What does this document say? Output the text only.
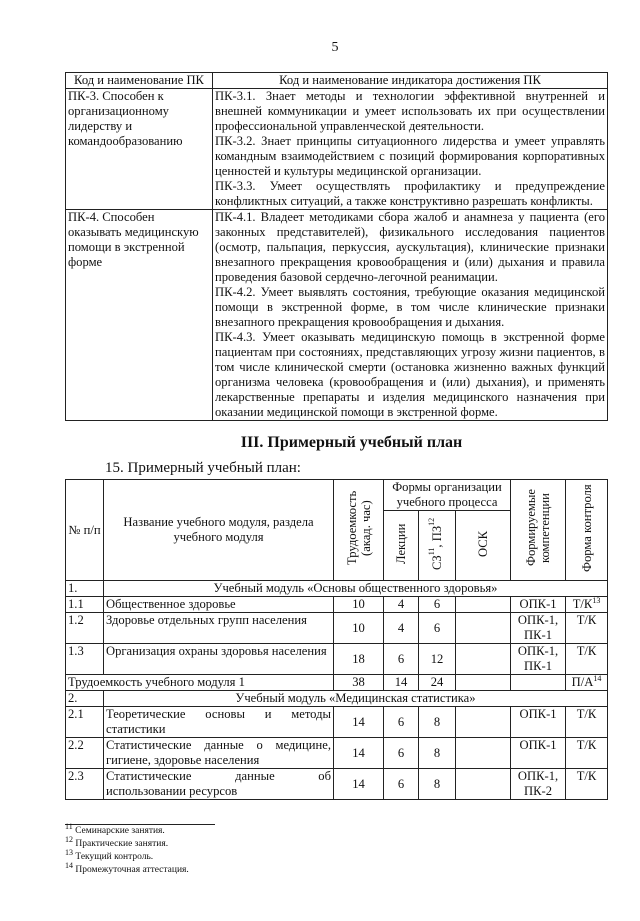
5
Код и наименование ПК	Код и наименование индикатора достижения ПК
ПК-3. Способен к организационному лидерству и командообразованию	ПК-3.1. Знает методы и технологии эффективной внутренней и внешней коммуникации и умеет использовать их при осуществлении профессиональной управленческой деятельности.

ПК-3.2. Знает принципы ситуационного лидерства и умеет управлять командным взаимодействием с позиций формирования корпоративных ценностей и культуры медицинской организации.

ПК-3.3. Умеет осуществлять профилактику и предупреждение конфликтных ситуаций, а также конструктивно разрешать конфликты.

ПК-4. Способен оказывать медицинскую помощи в экстренной форме	ПК-4.1. Владеет методиками сбора жалоб и анамнеза у пациента (его законных представителей), физикального исследования пациентов (осмотр, пальпация, перкуссия, аускультация), клинические признаки внезапного прекращения кровообращения и (или) дыхания и правила проведения базовой сердечно-легочной реанимации.

ПК-4.2. Умеет выявлять состояния, требующие оказания медицинской помощи в экстренной форме, в том числе клинические признаки внезапного прекращения кровообращения и дыхания.

ПК-4.3. Умеет оказывать медицинскую помощь в экстренной форме пациентам при состояниях, представляющих угрозу жизни пациентов, в том числе клинической смерти (остановка жизненно важных функций организма человека (кровообращения и (или) дыхания), и применять лекарственные препараты и изделия медицинского назначения при оказании медицинской помощи в экстренной форме.

III. Примерный учебный план
15. Примерный учебный план:
№ п/п	Название учебного модуля, раздела учебного модуля	Трудоемкость (акад. час)	Формы организации учебного процесса			Формируемые компетенции	Форма контроля
			Лекции	СЗ$^{11}$, ПЗ$^{12}$	ОСК		
1.	Учебный модуль «Основы общественного здоровья»						
1.1	Общественное здоровье	10	4	6		ОПК-1	$Т/К^{13}$
1.2	Здоровье отдельных групп населения	10	4	6		ОПК-1, ПК-1	Т/К
1.3	Организация охраны здоровья населения	18	6	12		ОПК-1, ПК-1	Т/К
Трудоемкость учебного модуля 1		38	14	24			$П/А^{14}$
2.	Учебный модуль «Медицинская статистика»						
2.1	Теоретические основы и методы статистики	14	6	8		ОПК-1	Т/К
2.2	Статистические данные о медицине, гигиене, здоровье населения	14	6	8		ОПК-1	Т/К
2.3	Статистические данные об использовании ресурсов	14	6	8		ОПК-1, ПК-2	Т/К
$^{11}$ Семинарские занятия.
$^{12}$ Практические занятия.
$^{13}$ Текущий контроль.
$^{14}$ Промежуточная аттестация.
